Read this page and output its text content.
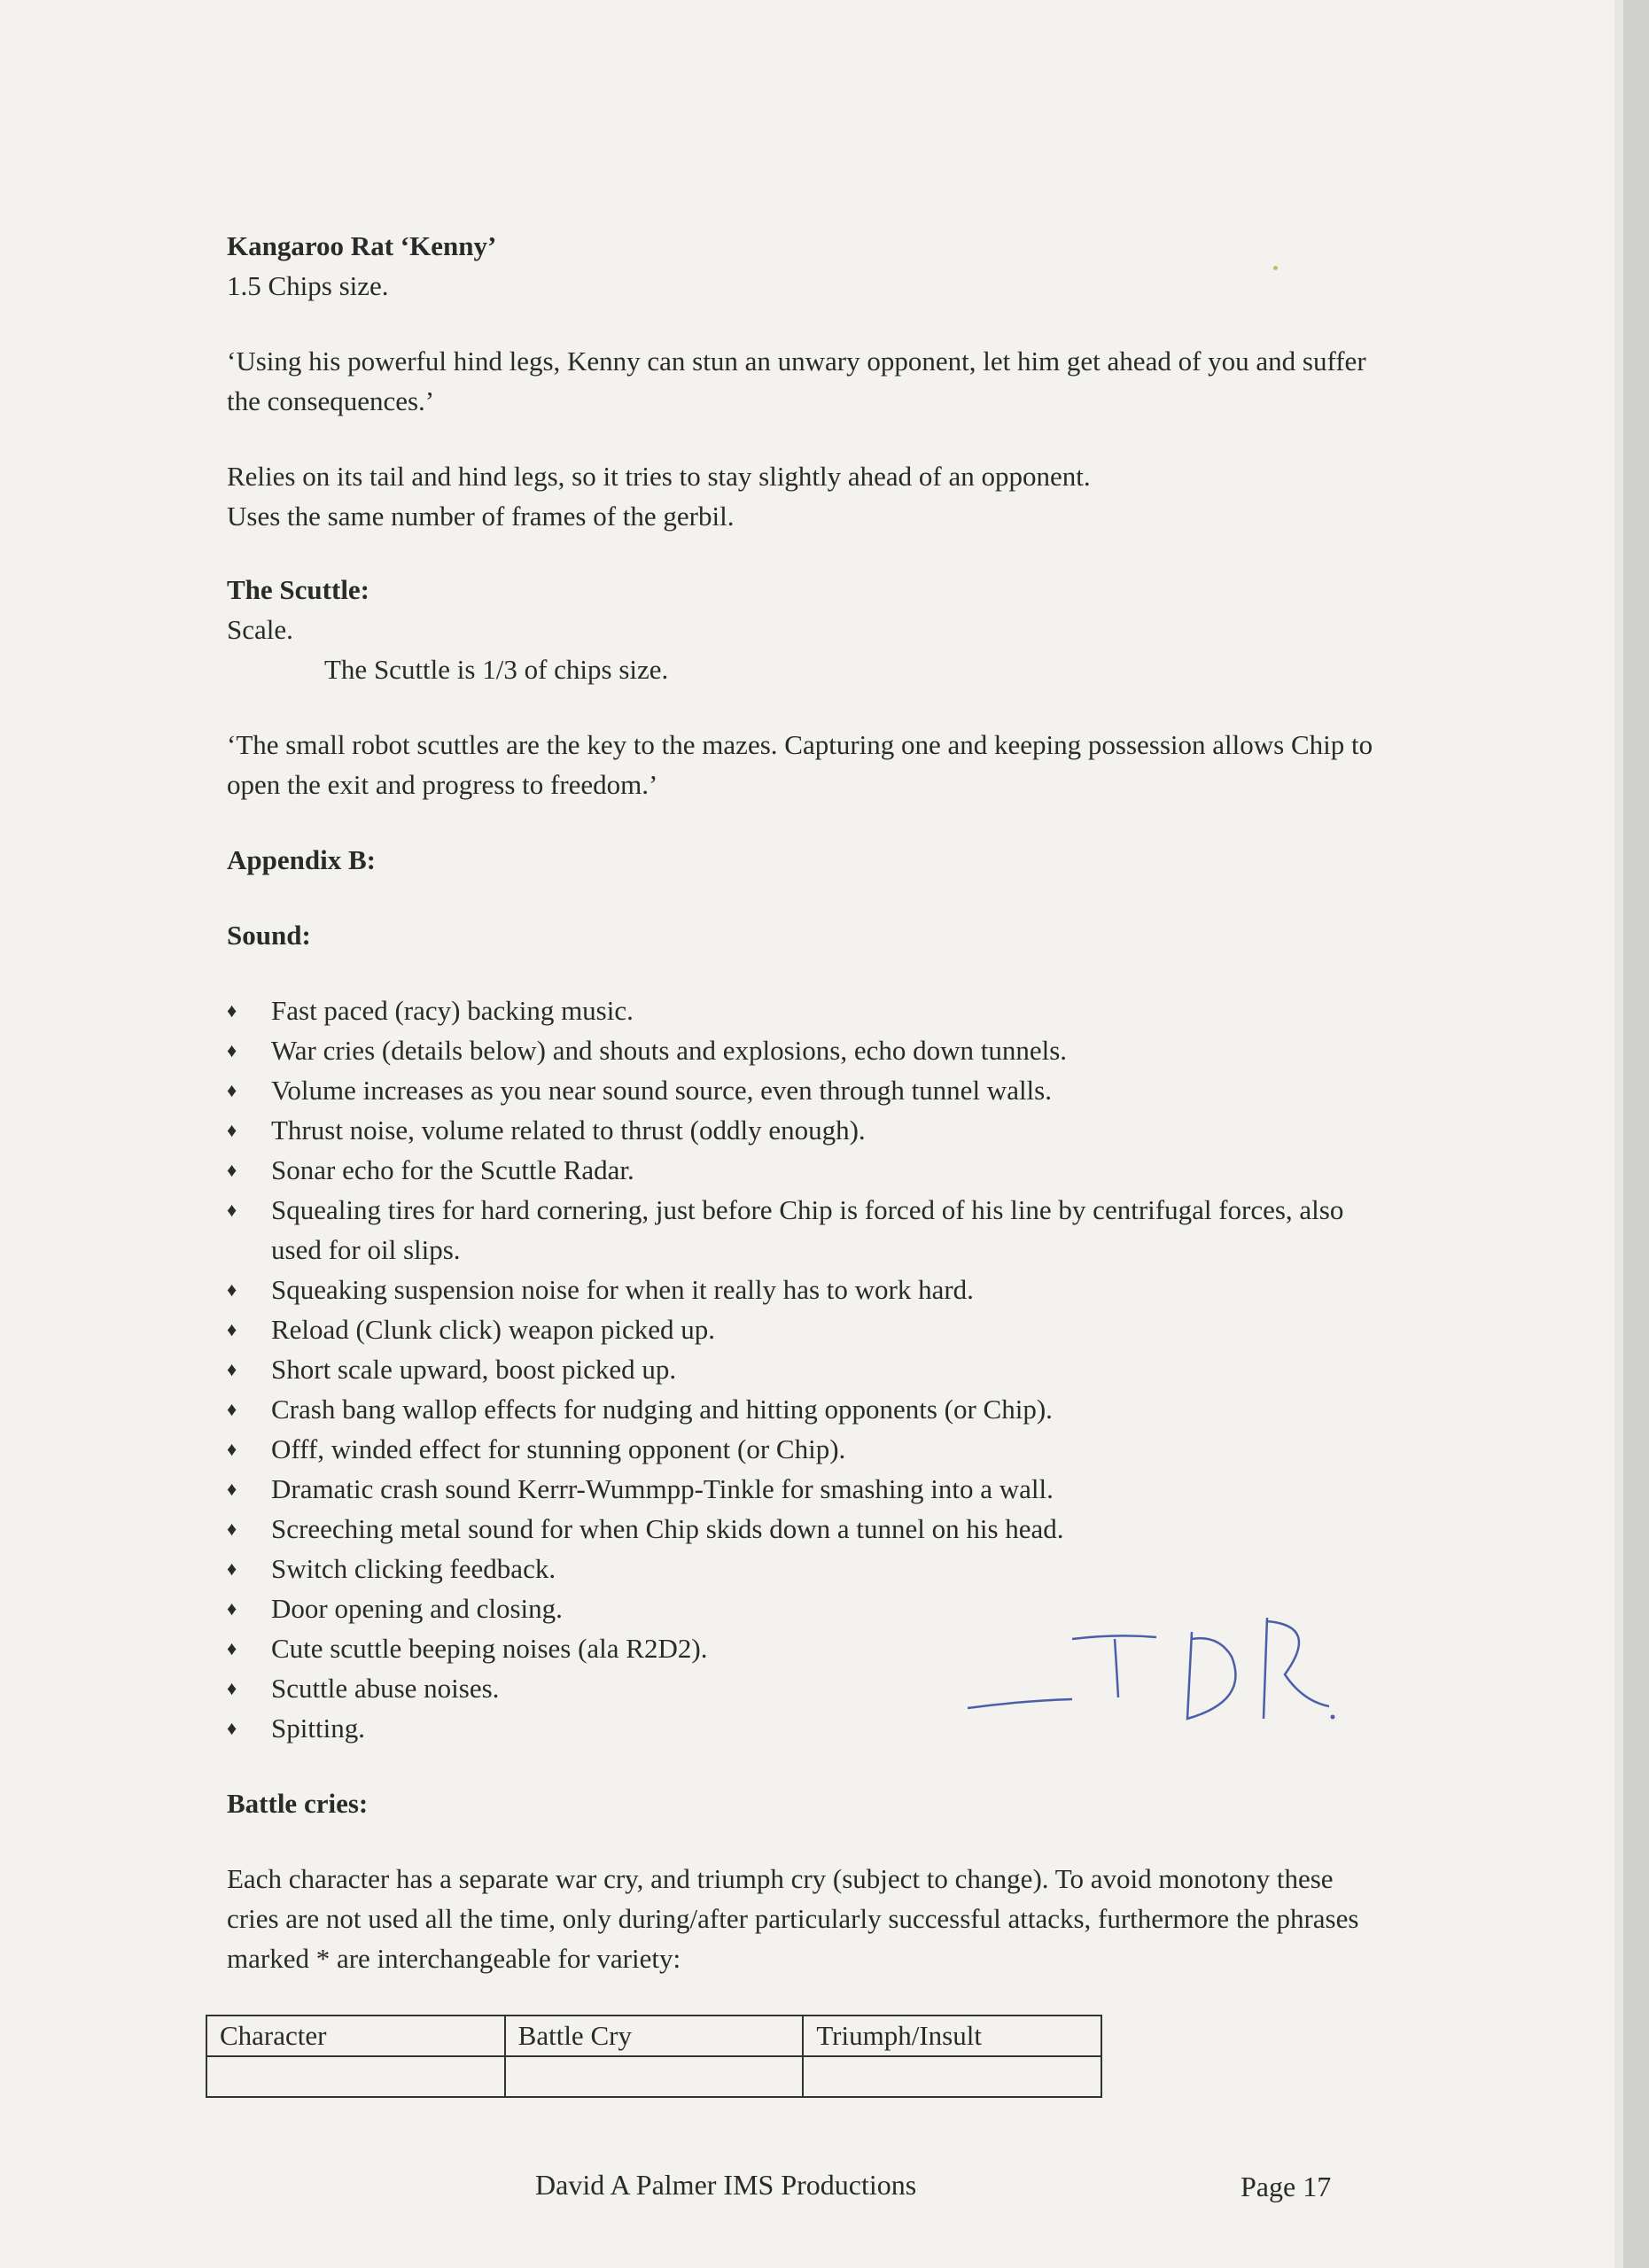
Kangaroo Rat ‘Kenny’

1.5 Chips size.

‘Using his powerful hind legs, Kenny can stun an unwary opponent, let him get ahead of you and suffer the consequences.’

Relies on its tail and hind legs, so it tries to stay slightly ahead of an opponent.

Uses the same number of frames of the gerbil.

The Scuttle:

Scale.

The Scuttle is 1/3 of chips size.

‘The small robot scuttles are the key to the mazes. Capturing one and keeping possession allows Chip to open the exit and progress to freedom.’

Appendix B:

Sound:

♦ Fast paced (racy) backing music.
♦ War cries (details below) and shouts and explosions, echo down tunnels.
♦ Volume increases as you near sound source, even through tunnel walls.
♦ Thrust noise, volume related to thrust (oddly enough).
♦ Sonar echo for the Scuttle Radar.
♦ Squealing tires for hard cornering, just before Chip is forced of his line by centrifugal forces, also used for oil slips.
♦ Squeaking suspension noise for when it really has to work hard.
♦ Reload (Clunk click) weapon picked up.
♦ Short scale upward, boost picked up.
♦ Crash bang wallop effects for nudging and hitting opponents (or Chip).
♦ Offf, winded effect for stunning opponent (or Chip).
♦ Dramatic crash sound Kerrr-Wummpp-Tinkle for smashing into a wall.
♦ Screeching metal sound for when Chip skids down a tunnel on his head.
♦ Switch clicking feedback.
♦ Door opening and closing.
♦ Cute scuttle beeping noises (ala R2D2).
♦ Scuttle abuse noises.
♦ Spitting.

Battle cries:

Each character has a separate war cry, and triumph cry (subject to change). To avoid monotony these cries are not used all the time, only during/after particularly successful attacks, furthermore the phrases marked * are interchangeable for variety:

Character	Battle Cry	Triumph/Insult

David A Palmer IMS Productions	Page 17
